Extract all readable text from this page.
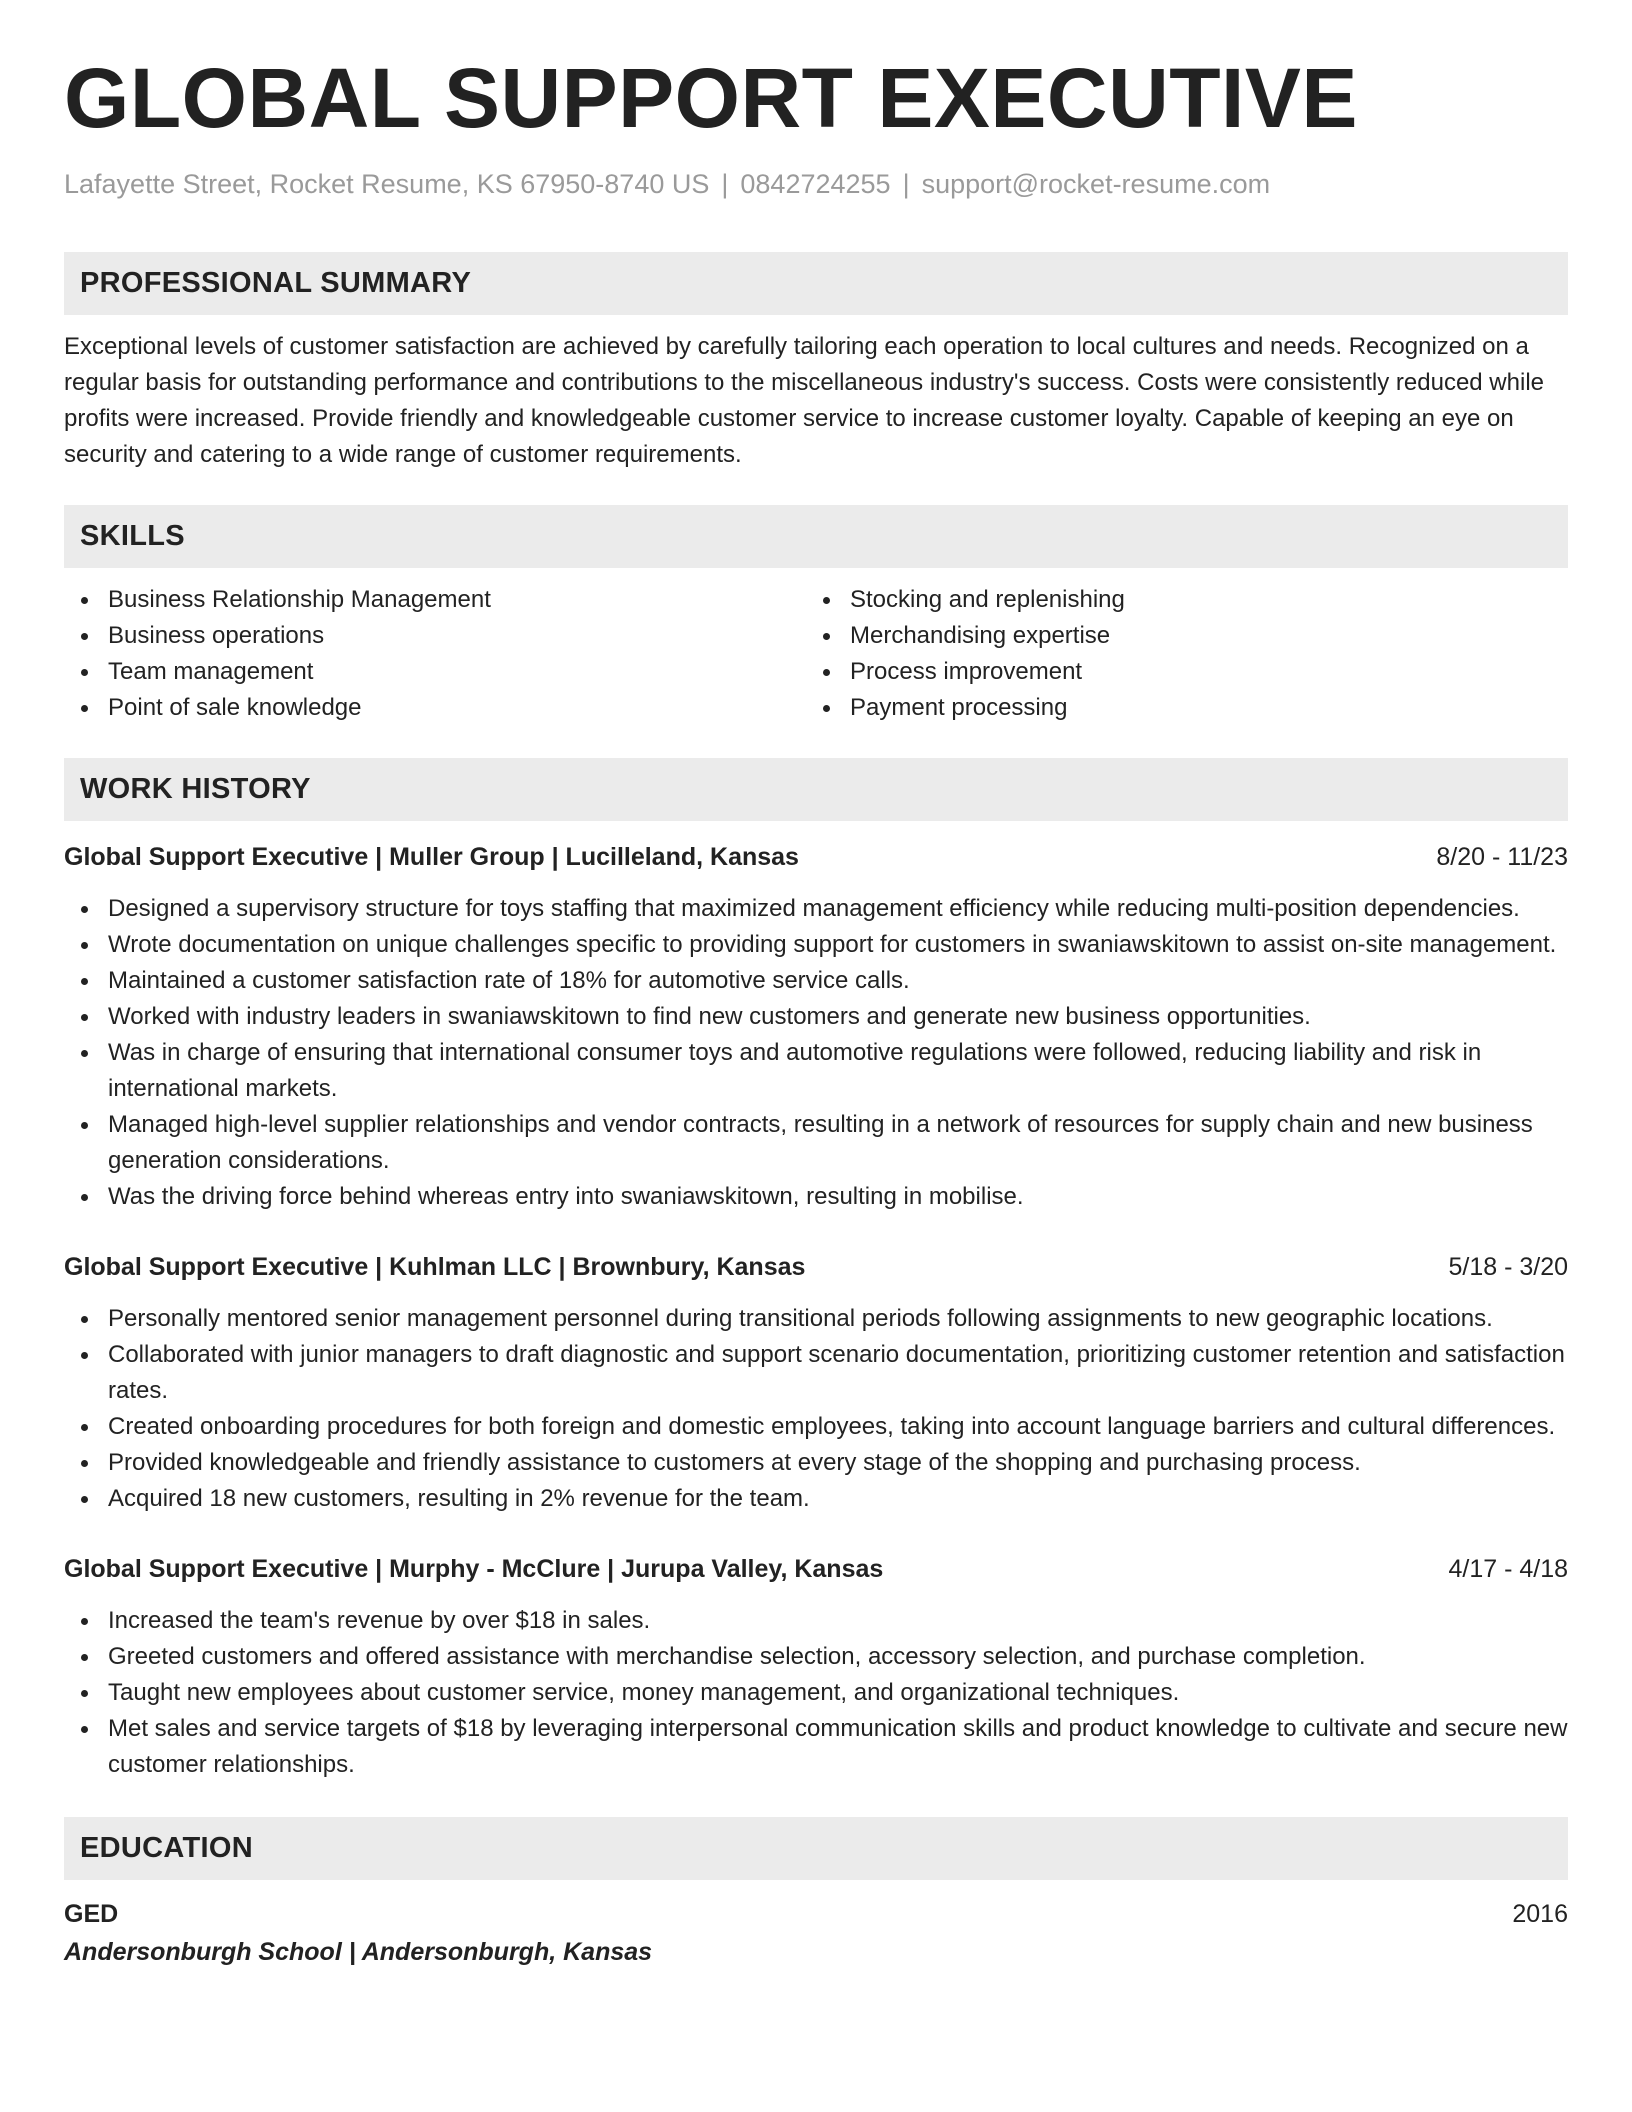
GLOBAL SUPPORT EXECUTIVE
Lafayette Street, Rocket Resume, KS 67950-8740 US | 0842724255 | support@rocket-resume.com
PROFESSIONAL SUMMARY
Exceptional levels of customer satisfaction are achieved by carefully tailoring each operation to local cultures and needs. Recognized on a regular basis for outstanding performance and contributions to the miscellaneous industry's success. Costs were consistently reduced while profits were increased. Provide friendly and knowledgeable customer service to increase customer loyalty. Capable of keeping an eye on security and catering to a wide range of customer requirements.
SKILLS
Business Relationship Management
Business operations
Team management
Point of sale knowledge
Stocking and replenishing
Merchandising expertise
Process improvement
Payment processing
WORK HISTORY
Global Support Executive | Muller Group | Lucilleland, Kansas	8/20 - 11/23
Designed a supervisory structure for toys staffing that maximized management efficiency while reducing multi-position dependencies.
Wrote documentation on unique challenges specific to providing support for customers in swaniawskitown to assist on-site management.
Maintained a customer satisfaction rate of 18% for automotive service calls.
Worked with industry leaders in swaniawskitown to find new customers and generate new business opportunities.
Was in charge of ensuring that international consumer toys and automotive regulations were followed, reducing liability and risk in international markets.
Managed high-level supplier relationships and vendor contracts, resulting in a network of resources for supply chain and new business generation considerations.
Was the driving force behind whereas entry into swaniawskitown, resulting in mobilise.
Global Support Executive | Kuhlman LLC | Brownbury, Kansas	5/18 - 3/20
Personally mentored senior management personnel during transitional periods following assignments to new geographic locations.
Collaborated with junior managers to draft diagnostic and support scenario documentation, prioritizing customer retention and satisfaction rates.
Created onboarding procedures for both foreign and domestic employees, taking into account language barriers and cultural differences.
Provided knowledgeable and friendly assistance to customers at every stage of the shopping and purchasing process.
Acquired 18 new customers, resulting in 2% revenue for the team.
Global Support Executive | Murphy - McClure | Jurupa Valley, Kansas	4/17 - 4/18
Increased the team's revenue by over $18 in sales.
Greeted customers and offered assistance with merchandise selection, accessory selection, and purchase completion.
Taught new employees about customer service, money management, and organizational techniques.
Met sales and service targets of $18 by leveraging interpersonal communication skills and product knowledge to cultivate and secure new customer relationships.
EDUCATION
GED	2016
Andersonburgh School | Andersonburgh, Kansas
